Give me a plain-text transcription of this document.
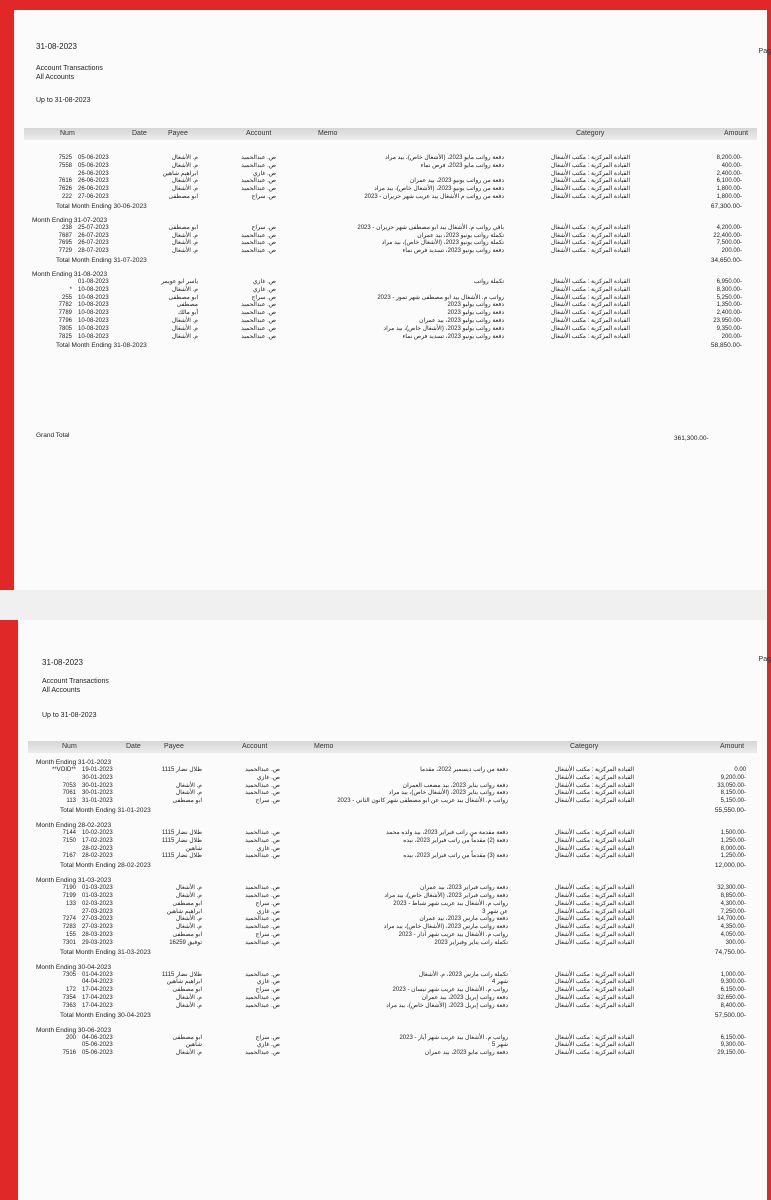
31-08-2023
Pag
Account Transactions
All Accounts
Up to 31-08-2023
Num	Date	Payee	Account	Memo	Category	Amount
7525 05-06-2023	م. الأشغال	ص. عبدالحميد	دفعة رواتب مايو 2023، (الأشغال خاص)، بيد مراد	القيادة المركزية : مكتب الأشغال	8,200.00-
7558 05-06-2023	م. الأشغال	ص. عبدالحميد	دفعة رواتب مايو 2023، فرص نماء	القيادة المركزية : مكتب الأشغال	400.00-
26-06-2023	ابراهيم شاهين	ص. غازي	القيادة المركزية : مكتب الأشغال	2,400.00-
7616 26-06-2023	م. الأشغال	ص. عبدالحميد	دفعة من رواتب يونيو 2023، بيد عمران	القيادة المركزية : مكتب الأشغال	6,100.00-
7626 26-06-2023	م. الأشغال	ص. عبدالحميد	دفعة من رواتب يونيو 2023، (الأشغال خاص)، بيد مراد	القيادة المركزية : مكتب الأشغال	1,800.00-
222 27-06-2023	ابو مصطفى	ص. سراج	دفعة من رواتب م الأشغال بيد عريب شهر حزيران - 2023	القيادة المركزية : مكتب الأشغال	1,800.00-
Total Month Ending 30-06-2023	67,300.00-
Month Ending 31-07-2023
238 25-07-2023	ابو مصطفى	ص. سراج	باقي رواتب م. الأشغال بيد ابو مصطفى شهر حزيران - 2023	القيادة المركزية : مكتب الأشغال	4,200.00-
7687 26-07-2023	م. الأشغال	ص. عبدالحميد	تكملة رواتب يونيو 2023، بيد عمران	القيادة المركزية : مكتب الأشغال	22,400.00-
7695 26-07-2023	م. الأشغال	ص. عبدالحميد	تكملة رواتب يونيو 2023، (الأشغال خاص)، بيد مراد	القيادة المركزية : مكتب الأشغال	7,500.00-
7729 28-07-2023	م. الأشغال	ص. عبدالحميد	دفعة رواتب يونيو 2023، تسديد فرص نماء	القيادة المركزية : مكتب الأشغال	200.00-
Total Month Ending 31-07-2023	34,650.00-
Month Ending 31-08-2023
01-08-2023	ياسر ابو عويمر	ص. غازي	تكملة رواتب	القيادة المركزية : مكتب الأشغال	6,950.00-
* 10-08-2023	م. الأشغال	ص. غازي	القيادة المركزية : مكتب الأشغال	8,300.00-
255 10-08-2023	ابو مصطفى	ص. سراج	رواتب م. الأشغال بيد ابو مصطفى شهر تموز - 2023	القيادة المركزية : مكتب الأشغال	5,250.00-
7782 10-08-2023	مصطفى	ص. عبدالحميد	دفعة رواتب يوليو 2023	القيادة المركزية : مكتب الأشغال	1,350.00-
7789 10-08-2023	أبو مالك	ص. عبدالحميد	دفعة رواتب يوليو 2023	القيادة المركزية : مكتب الأشغال	2,400.00-
7796 10-08-2023	م. الأشغال	ص. عبدالحميد	دفعة رواتب يوليو 2023، بيد عمران	القيادة المركزية : مكتب الأشغال	23,950.00-
7805 10-08-2023	م. الأشغال	ص. عبدالحميد	دفعة رواتب يوليو 2023، (الأشغال خاص)، بيد مراد	القيادة المركزية : مكتب الأشغال	9,350.00-
7825 10-08-2023	م. الأشغال	ص. عبدالحميد	دفعة رواتب يونيو 2023، تسديد فرص نماء	القيادة المركزية : مكتب الأشغال	200.00-
Total Month Ending 31-08-2023	58,850.00-
Grand Total	361,300.00-
31-08-2023	Pag
Account Transactions
All Accounts
Up to 31-08-2023
Num	Date	Payee	Account	Memo	Category	Amount
Month Ending 31-01-2023
**VOID** 19-01-2023	طلال نضار 1115	ص. عبدالحميد	دفعة من راتب ديسمبر 2022، مقدما	القيادة المركزية : مكتب الأشغال	0.00
30-01-2023	ص. غازي	القيادة المركزية : مكتب الأشغال	9,200.00-
7053 30-01-2023	م. الأشغال	ص. عبدالحميد	دفعة رواتب يناير 2023، بيد مصعب العمران	القيادة المركزية : مكتب الأشغال	33,050.00-
7061 30-01-2023	م. الأشغال	ص. عبدالحميد	دفعة رواتب يناير 2023، (الأشغال خاص)، بيد مراد	القيادة المركزية : مكتب الأشغال	8,150.00-
113 31-01-2023	ابو مصطفى	ص. سراج	رواتب م. الأشغال بيد عريب عن ابو مصطفى شهر كانون الثاني - 2023	القيادة المركزية : مكتب الأشغال	5,150.00-
Total Month Ending 31-01-2023	55,550.00-
Month Ending 28-02-2023
7144 10-02-2023	طلال نضار 1115	ص. عبدالحميد	دفعة مقدمة من راتب فبراير 2023، بيد ولده محمد	القيادة المركزية : مكتب الأشغال	1,500.00-
7150 17-02-2023	طلال نضار 1115	ص. عبدالحميد	دفعة (2) مقدماً من راتب فبراير 2023، بيده	القيادة المركزية : مكتب الأشغال	1,250.00-
28-02-2023	شاهين	ص. غازي	القيادة المركزية : مكتب الأشغال	8,000.00-
7167 28-02-2023	طلال نضار 1115	ص. عبدالحميد	دفعة (3) مقدماً من راتب فبراير 2023، بيده	القيادة المركزية : مكتب الأشغال	1,250.00-
Total Month Ending 28-02-2023	12,000.00-
Month Ending 31-03-2023
7190 01-03-2023	م. الأشغال	ص. عبدالحميد	دفعة رواتب فبراير 2023، بيد عمران	القيادة المركزية : مكتب الأشغال	32,300.00-
7199 01-03-2023	م. الأشغال	ص. عبدالحميد	دفعة رواتب فبراير 2023، (الأشغال خاص)، بيد مراد	القيادة المركزية : مكتب الأشغال	8,850.00-
133 02-03-2023	ابو مصطفى	ص. سراج	رواتب م. الأشغال بيد عريب شهر شباط - 2023	القيادة المركزية : مكتب الأشغال	4,300.00-
27-03-2023	ابراهيم شاهين	ص. غازي	عن شهر 3	القيادة المركزية : مكتب الأشغال	7,250.00-
7274 27-03-2023	م. الأشغال	ص. عبدالحميد	دفعة رواتب مارس 2023، بيد عمران	القيادة المركزية : مكتب الأشغال	14,700.00-
7283 27-03-2023	م. الأشغال	ص. عبدالحميد	دفعة رواتب مارس 2023، (الأشغال خاص)، بيد مراد	القيادة المركزية : مكتب الأشغال	4,350.00-
155 28-03-2023	ابو مصطفى	ص. سراج	رواتب م. الأشغال بيد عريب شهر آذار - 2023	القيادة المركزية : مكتب الأشغال	4,050.00-
7301 29-03-2023	توفيق 16259	ص. عبدالحميد	تكملة راتب يناير وفبراير 2023	القيادة المركزية : مكتب الأشغال	300.00-
Total Month Ending 31-03-2023	74,750.00-
Month Ending 30-04-2023
7305 01-04-2023	طلال نضار 1115	ص. عبدالحميد	تكملة راتب مارس 2023، م. الأشغال	القيادة المركزية : مكتب الأشغال	1,000.00-
04-04-2023	ابراهيم شاهين	ص. غازي	شهر 4	القيادة المركزية : مكتب الأشغال	9,300.00-
172 17-04-2023	ابو مصطفى	ص. سراج	رواتب م. الأشغال بيد عريب شهر نيسان - 2023	القيادة المركزية : مكتب الأشغال	6,150.00-
7354 17-04-2023	م. الأشغال	ص. عبدالحميد	دفعة رواتب إبريل 2023، بيد عمران	القيادة المركزية : مكتب الأشغال	32,650.00-
7363 17-04-2023	م. الأشغال	ص. عبدالحميد	دفعة رواتب إبريل 2023، (الأشغال خاص)، بيد مراد	القيادة المركزية : مكتب الأشغال	8,400.00-
Total Month Ending 30-04-2023	57,500.00-
Month Ending 30-06-2023
200 04-06-2023	ابو مصطفى	ص. سراج	رواتب م. الأشغال بيد عريب شهر أيار - 2023	القيادة المركزية : مكتب الأشغال	6,150.00-
05-06-2023	شاهين	ص. غازي	شهر 5	القيادة المركزية : مكتب الأشغال	9,300.00-
7516 05-06-2023	م. الأشغال	ص. عبدالحميد	دفعة رواتب مايو 2023، بيد عمران	القيادة المركزية : مكتب الأشغال	29,150.00-
